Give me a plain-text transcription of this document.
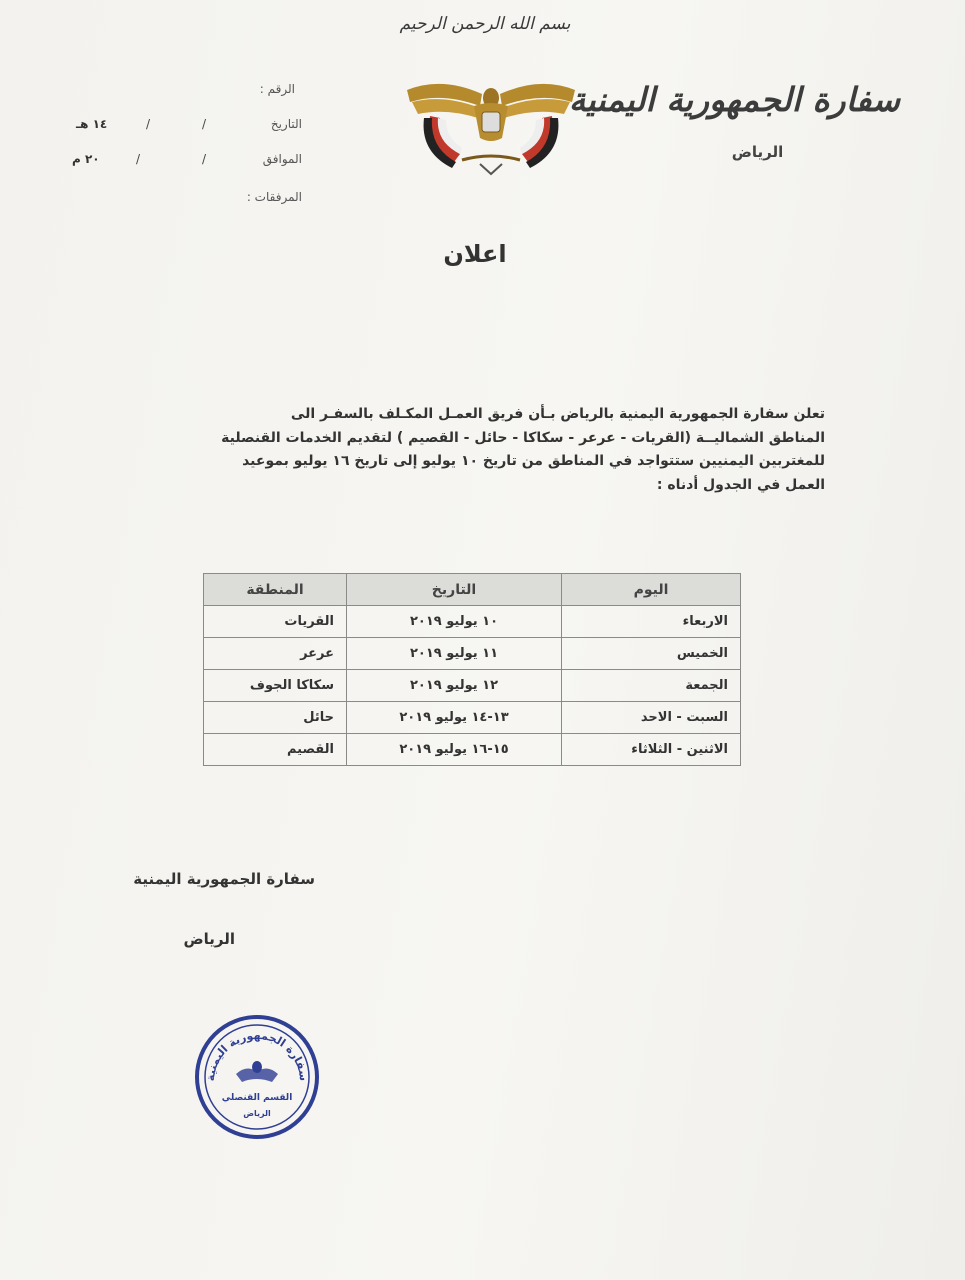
بسم الله الرحمن الرحيم
سفارة الجمهورية اليمنية
الرياض
الرقم :
التاريخ
/
/
١٤ هـ
الموافق
/
/
٢٠ م
المرفقات :
اعلان

تعلن سفارة الجمهورية اليمنية بالرياض بـأن فريق العمـل المكـلف بالسفـر الى

المناطق الشماليــة (القريات - عرعر - سكاكا - حائل - القصيم ) لتقديم الخدمات القنصلية

للمغتربين اليمنيين ستتواجد في المناطق من تاريخ ١٠ يوليو إلى تاريخ ١٦ يوليو بموعيد

العمل في الجدول أدناه :

اليوم	التاريخ	المنطقة
الاربعاء	١٠ يوليو ٢٠١٩	القريات
الخميس	١١ يوليو ٢٠١٩	عرعر
الجمعة	١٢ يوليو ٢٠١٩	سكاكا الجوف
السبت - الاحد	١٣-١٤ يوليو ٢٠١٩	حائل
الاثنين - الثلاثاء	١٥-١٦ يوليو ٢٠١٩	القصيم
سفارة الجمهورية اليمنية
الرياض
سفارة الجمهورية اليمنية
القسم القنصلي
الرياض
